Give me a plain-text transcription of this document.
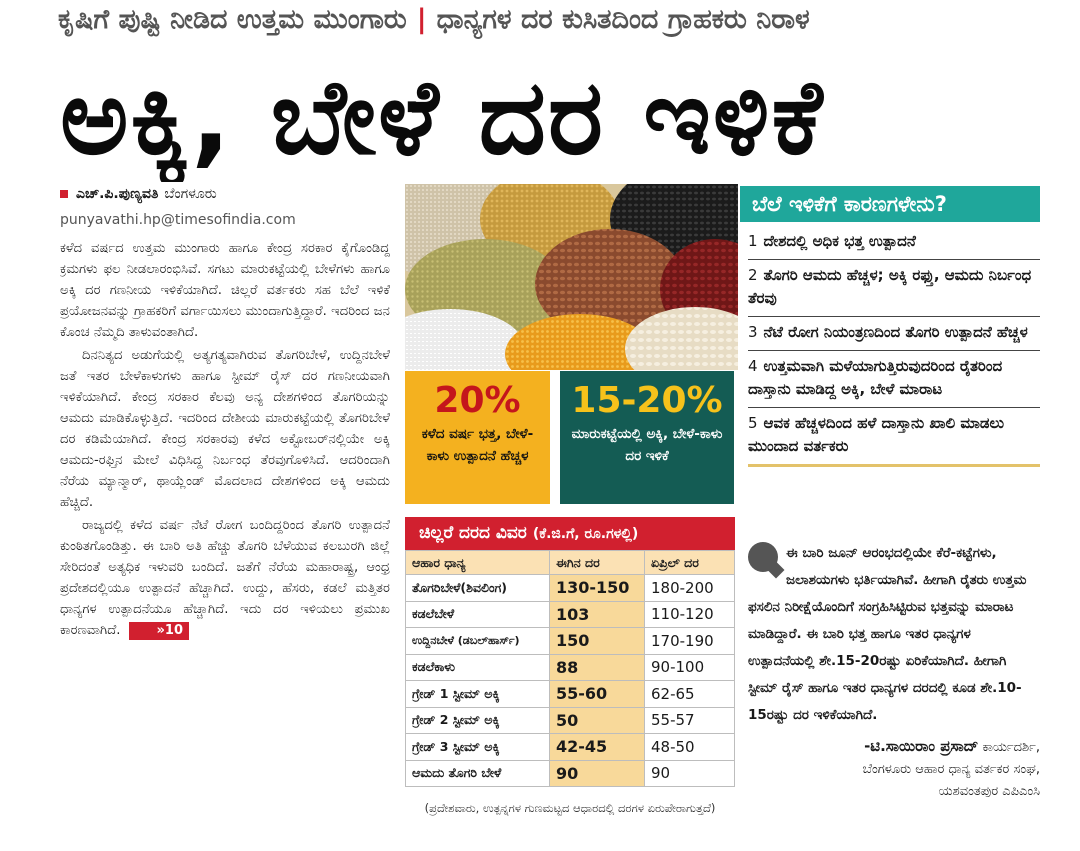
ಕೃಷಿಗೆ ಪುಷ್ಟಿ ನೀಡಿದ ಉತ್ತಮ ಮುಂಗಾರು | ಧಾನ್ಯಗಳ ದರ ಕುಸಿತದಿಂದ ಗ್ರಾಹಕರು ನಿರಾಳ
ಅಕ್ಕಿ, ಬೇಳೆ ದರ ಇಳಿಕೆ
ಎಚ್.ಪಿ.ಪುಣ್ಯವತಿ ಬೆಂಗಳೂರು
punyavathi.hp@timesofindia.com

ಕಳೆದ ವರ್ಷದ ಉತ್ತಮ ಮುಂಗಾರು ಹಾಗೂ ಕೇಂದ್ರ ಸರಕಾರ ಕೈಗೊಂಡಿದ್ದ ಕ್ರಮಗಳು ಫಲ ನೀಡಲಾರಂಭಿಸಿವೆ. ಸಗಟು ಮಾರುಕಟ್ಟೆಯಲ್ಲಿ ಬೇಳೆಗಳು ಹಾಗೂ ಅಕ್ಕಿ ದರ ಗಣನೀಯ ಇಳಿಕೆಯಾಗಿದೆ. ಚಿಲ್ಲರೆ ವರ್ತಕರು ಸಹ ಬೆಲೆ ಇಳಿಕೆ ಪ್ರಯೋಜನವನ್ನು ಗ್ರಾಹಕರಿಗೆ ವರ್ಗಾಯಿಸಲು ಮುಂದಾಗುತ್ತಿದ್ದಾರೆ. ಇದರಿಂದ ಜನ ಕೊಂಚ ನೆಮ್ಮದಿ ತಾಳುವಂತಾಗಿದೆ.

ದಿನನಿತ್ಯದ ಅಡುಗೆಯಲ್ಲಿ ಅತ್ಯಗತ್ಯವಾಗಿರುವ ತೊಗರಿಬೇಳೆ, ಉದ್ದಿನಬೇಳೆ ಜತೆ ಇತರ ಬೇಳೆಕಾಳುಗಳು ಹಾಗೂ ಸ್ಟೀಮ್ ರೈಸ್ ದರ ಗಣನೀಯವಾಗಿ ಇಳಿಕೆಯಾಗಿದೆ. ಕೇಂದ್ರ ಸರಕಾರ ಕೆಲವು ಅನ್ಯ ದೇಶಗಳಿಂದ ತೊಗರಿಯನ್ನು ಆಮದು ಮಾಡಿಕೊಳ್ಳುತ್ತಿದೆ. ಇದರಿಂದ ದೇಶೀಯ ಮಾರುಕಟ್ಟೆಯಲ್ಲಿ ತೊಗರಿಬೇಳೆ ದರ ಕಡಿಮೆಯಾಗಿದೆ. ಕೇಂದ್ರ ಸರಕಾರವು ಕಳೆದ ಅಕ್ಟೋಬರ್‌ನಲ್ಲಿಯೇ ಅಕ್ಕಿ ಆಮದು-ರಫ್ತಿನ ಮೇಲೆ ವಿಧಿಸಿದ್ದ ನಿರ್ಬಂಧ ತೆರವುಗೊಳಿಸಿದೆ. ಆದರಿಂದಾಗಿ ನೆರೆಯ ಮ್ಯಾನ್ಮಾರ್, ಥಾಯ್ಲೆಂಡ್ ಮೊದಲಾದ ದೇಶಗಳಿಂದ ಅಕ್ಕಿ ಆಮದು ಹೆಚ್ಚಿದೆ.

ರಾಜ್ಯದಲ್ಲಿ ಕಳೆದ ವರ್ಷ ನೆಟೆ ರೋಗ ಬಂದಿದ್ದರಿಂದ ತೊಗರಿ ಉತ್ಪಾದನೆ ಕುಂಠಿತಗೊಂಡಿತ್ತು. ಈ ಬಾರಿ ಅತಿ ಹೆಚ್ಚು ತೊಗರಿ ಬೆಳೆಯುವ ಕಲಬುರಗಿ ಜಿಲ್ಲೆ ಸೇರಿದಂತೆ ಅತ್ಯಧಿಕ ಇಳುವರಿ ಬಂದಿದೆ. ಜತೆಗೆ ನೆರೆಯ ಮಹಾರಾಷ್ಟ್ರ, ಆಂಧ್ರ ಪ್ರದೇಶದಲ್ಲಿಯೂ ಉತ್ಪಾದನೆ ಹೆಚ್ಚಾಗಿದೆ. ಉದ್ದು, ಹೆಸರು, ಕಡಲೆ ಮತ್ತಿತರ ಧಾನ್ಯಗಳ ಉತ್ಪಾದನೆಯೂ ಹೆಚ್ಚಾಗಿದೆ. ಇದು ದರ ಇಳಿಯಲು ಪ್ರಮುಖ ಕಾರಣವಾಗಿದೆ.	»10

20%
ಕಳೆದ ವರ್ಷ ಭತ್ತ, ಬೇಳೆ-ಕಾಳು ಉತ್ಪಾದನೆ ಹೆಚ್ಚಳ
15-20%
ಮಾರುಕಟ್ಟೆಯಲ್ಲಿ ಅಕ್ಕಿ, ಬೇಳೆ-ಕಾಳು ದರ ಇಳಿಕೆ
ಚಿಲ್ಲರೆ ದರದ ವಿವರ (ಕೆ.ಜಿ.ಗೆ, ರೂ.ಗಳಲ್ಲಿ)
ಆಹಾರ ಧಾನ್ಯ	ಈಗಿನ ದರ	ಏಪ್ರಿಲ್ ದರ
ತೊಗರಿಬೇಳೆ(ಶಿವಲಿಂಗ)	130-150	180-200
ಕಡಲೆಬೇಳೆ	103	110-120
ಉದ್ದಿನಬೇಳೆ (ಡಬಲ್‌ಹಾರ್ಸ್)	150	170-190
ಕಡಲೆಕಾಳು	88	90-100
ಗ್ರೇಡ್ 1 ಸ್ಟೀಮ್ ಅಕ್ಕಿ	55-60	62-65
ಗ್ರೇಡ್ 2 ಸ್ಟೀಮ್ ಅಕ್ಕಿ	50	55-57
ಗ್ರೇಡ್ 3 ಸ್ಟೀಮ್ ಅಕ್ಕಿ	42-45	48-50
ಆಮದು ತೊಗರಿ ಬೇಳೆ	90	90
(ಪ್ರದೇಶವಾರು, ಉತ್ಪನ್ನಗಳ ಗುಣಮಟ್ಟದ ಆಧಾರದಲ್ಲಿ ದರಗಳ ಏರುಪೇರಾಗುತ್ತದೆ)
ಬೆಲೆ ಇಳಿಕೆಗೆ ಕಾರಣಗಳೇನು?
1 ದೇಶದಲ್ಲಿ ಅಧಿಕ ಭತ್ತ ಉತ್ಪಾದನೆ
2 ತೊಗರಿ ಆಮದು ಹೆಚ್ಚಳ; ಅಕ್ಕಿ ರಫ್ತು, ಆಮದು ನಿರ್ಬಂಧ ತೆರವು
3 ನೆಟೆ ರೋಗ ನಿಯಂತ್ರಣದಿಂದ ತೊಗರಿ ಉತ್ಪಾದನೆ ಹೆಚ್ಚಳ
4 ಉತ್ತಮವಾಗಿ ಮಳೆಯಾಗುತ್ತಿರುವುದರಿಂದ ರೈತರಿಂದ ದಾಸ್ತಾನು ಮಾಡಿದ್ದ ಅಕ್ಕಿ, ಬೇಳೆ ಮಾರಾಟ
5 ಆವಕ ಹೆಚ್ಚಳದಿಂದ ಹಳೆ ದಾಸ್ತಾನು ಖಾಲಿ ಮಾಡಲು ಮುಂದಾದ ವರ್ತಕರು
ಈ ಬಾರಿ ಜೂನ್ ಆರಂಭದಲ್ಲಿಯೇ ಕೆರೆ-ಕಟ್ಟೆಗಳು, ಜಲಾಶಯಗಳು ಭರ್ತಿಯಾಗಿವೆ. ಹೀಗಾಗಿ ರೈತರು ಉತ್ತಮ ಫಸಲಿನ ನಿರೀಕ್ಷೆಯೊಂದಿಗೆ ಸಂಗ್ರಹಿಸಿಟ್ಟಿರುವ ಭತ್ತವನ್ನು ಮಾರಾಟ ಮಾಡಿದ್ದಾರೆ. ಈ ಬಾರಿ ಭತ್ತ ಹಾಗೂ ಇತರ ಧಾನ್ಯಗಳ ಉತ್ಪಾದನೆಯಲ್ಲಿ ಶೇ.15-20ರಷ್ಟು ಏರಿಕೆಯಾಗಿದೆ. ಹೀಗಾಗಿ ಸ್ಟೀಮ್ ರೈಸ್ ಹಾಗೂ ಇತರ ಧಾನ್ಯಗಳ ದರದಲ್ಲಿ ಕೂಡ ಶೇ.10-15ರಷ್ಟು ದರ ಇಳಿಕೆಯಾಗಿದೆ.
-ಟಿ.ಸಾಯಿರಾಂ ಪ್ರಸಾದ್ ಕಾರ್ಯದರ್ಶಿ,
ಬೆಂಗಳೂರು ಆಹಾರ ಧಾನ್ಯ ವರ್ತಕರ ಸಂಘ,
ಯಶವಂತಪುರ ಎಪಿಎಂಸಿ
